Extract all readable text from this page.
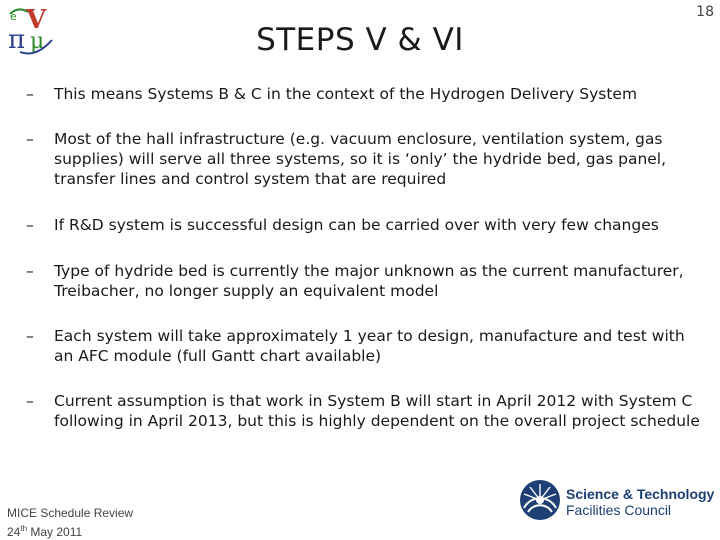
18
e V
π μ	STEPS V & VI
–	This means Systems B & C in the context of the Hydrogen Delivery System
–	Most of the hall infrastructure (e.g. vacuum enclosure, ventilation system, gas supplies) will serve all three systems, so it is ‘only’ the hydride bed, gas panel, transfer lines and control system that are required
–	If R&D system is successful design can be carried over with very few changes
–	Type of hydride bed is currently the major unknown as the current manufacturer, Treibacher, no longer supply an equivalent model
–	Each system will take approximately 1 year to design, manufacture and test with an AFC module (full Gantt chart available)
–	Current assumption is that work in System B will start in April 2012 with System C following in April 2013, but this is highly dependent on the overall project schedule
MICE Schedule Review
24th May 2011
Science & Technology
Facilities Council
